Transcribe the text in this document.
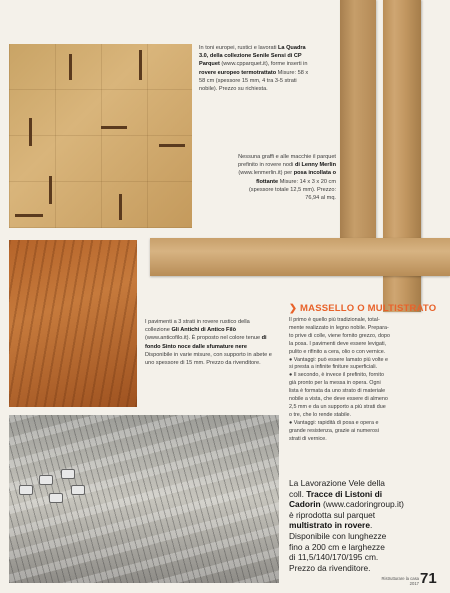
In toni europei, rustici e lavorati La Quadra 3.0, della collezione Senile Sensi di CP Parquet (www.cpparquet.it), forme inserti in rovere europeo termotrattato Misure: 58 x 58 cm (spessore 15 mm, 4 tra 3-5 strati nobile). Prezzo su richiesta.
Nessuna graffi e alle macchie il parquet prefinito in rovere nodi di Lenny Merlin (www.lenmerlin.it) per posa incollata o flottante Misure: 14 x 3 x 20 cm (spessore totale 12,5 mm). Prezzo: 76,94 al mq.
I pavimenti a 3 strati in rovere rustico della collezione Gli Antichi di Antico Filò (www.anticofilo.it). È proposto nel colore tenue di fondo Sinto noce dalle sfumature nere Disponibile in varie misure, con supporto in abete e uno spessore di 15 mm. Prezzo da rivenditore.
❯ MASSELLO O MULTISTRATO
Il primo è quello più tradizionale, total-
mente realizzato in legno nobile. Prepara-
to prive di colle, viene fornito grezzo, dopo
la posa. I pavimenti deve essere levigati,
pulito e rifinito a cera, olio o con vernice.
● Vantaggi: può essere lamato più volte e
si presta a infinite finiture superficiali.
● Il secondo, è invece il prefinito, fornito
già pronto per la messa in opera. Ogni
lista è formata da uno strato di materiale
nobile a vista, che deve essere di almeno
2,5 mm e da un supporto a più strati due
o tre, che lo rende stabile.
● Vantaggi: rapidità di posa e opera e
grande resistenza, grazie ai numerosi
strati di vernice.
La Lavorazione Vele della
coll. Tracce di Listoni di
Cadorin (www.cadoringroup.it)
è riprodotta sul parquet
multistrato in rovere.
Disponibile con lunghezze
fino a 200 cm e larghezze
di 11,5/140/170/195 cm.
Prezzo da rivenditore.
Ristrutturare la casa
2017 71
